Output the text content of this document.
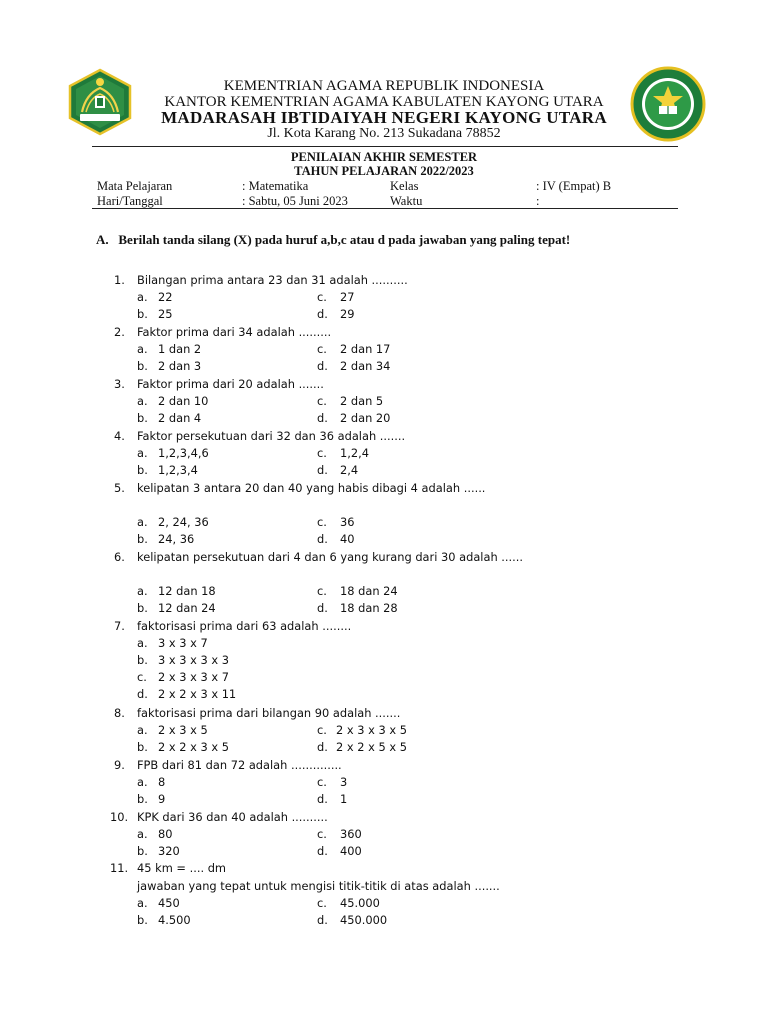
KEMENTRIAN AGAMA REPUBLIK INDONESIA
KANTOR KEMENTRIAN AGAMA KABULATEN KAYONG UTARA
MADARASAH IBTIDAIYAH NEGERI KAYONG UTARA
Jl. Kota Karang No. 213 Sukadana 78852
PENILAIAN AKHIR SEMESTER
TAHUN PELAJARAN 2022/2023
Mata Pelajaran	: Matematika	Kelas	: IV (Empat) B
Hari/Tanggal	: Sabtu, 05 Juni 2023	Waktu	:
A. Berilah tanda silang (X) pada huruf a,b,c atau d pada jawaban yang paling tepat!
1. Bilangan prima antara 23 dan 31 adalah ..........
a. 22	c. 27
b. 25	d. 29
2. Faktor prima dari 34 adalah .........
a. 1 dan 2	c. 2 dan 17
b. 2 dan 3	d. 2 dan 34
3. Faktor prima dari 20 adalah .......
a. 2 dan 10	c. 2 dan 5
b. 2 dan 4	d. 2 dan 20
4. Faktor persekutuan dari 32 dan 36 adalah .......
a. 1,2,3,4,6	c. 1,2,4
b. 1,2,3,4	d. 2,4
5. kelipatan 3 antara 20 dan 40 yang habis dibagi 4 adalah ......
a. 2, 24, 36	c. 36
b. 24, 36	d. 40
6. kelipatan persekutuan dari 4 dan 6 yang kurang dari 30 adalah ......
a. 12 dan 18	c. 18 dan 24
b. 12 dan 24	d. 18 dan 28
7. faktorisasi prima dari 63 adalah ........
a. 3 x 3 x 7
b. 3 x 3 x 3 x 3
c. 2 x 3 x 3 x 7
d. 2 x 2 x 3 x 11
8. faktorisasi prima dari bilangan 90 adalah .......
a. 2 x 3 x 5	c. 2 x 3 x 3 x 5
b. 2 x 2 x 3 x 5	d. 2 x 2 x 5 x 5
9. FPB dari 81 dan 72 adalah ..............
a. 8	c. 3
b. 9	d. 1
10. KPK dari 36 dan 40 adalah ..........
a. 80	c. 360
b. 320	d. 400
11. 45 km = .... dm
jawaban yang tepat untuk mengisi titik-titik di atas adalah .......
a. 450	c. 45.000
b. 4.500	d. 450.000
